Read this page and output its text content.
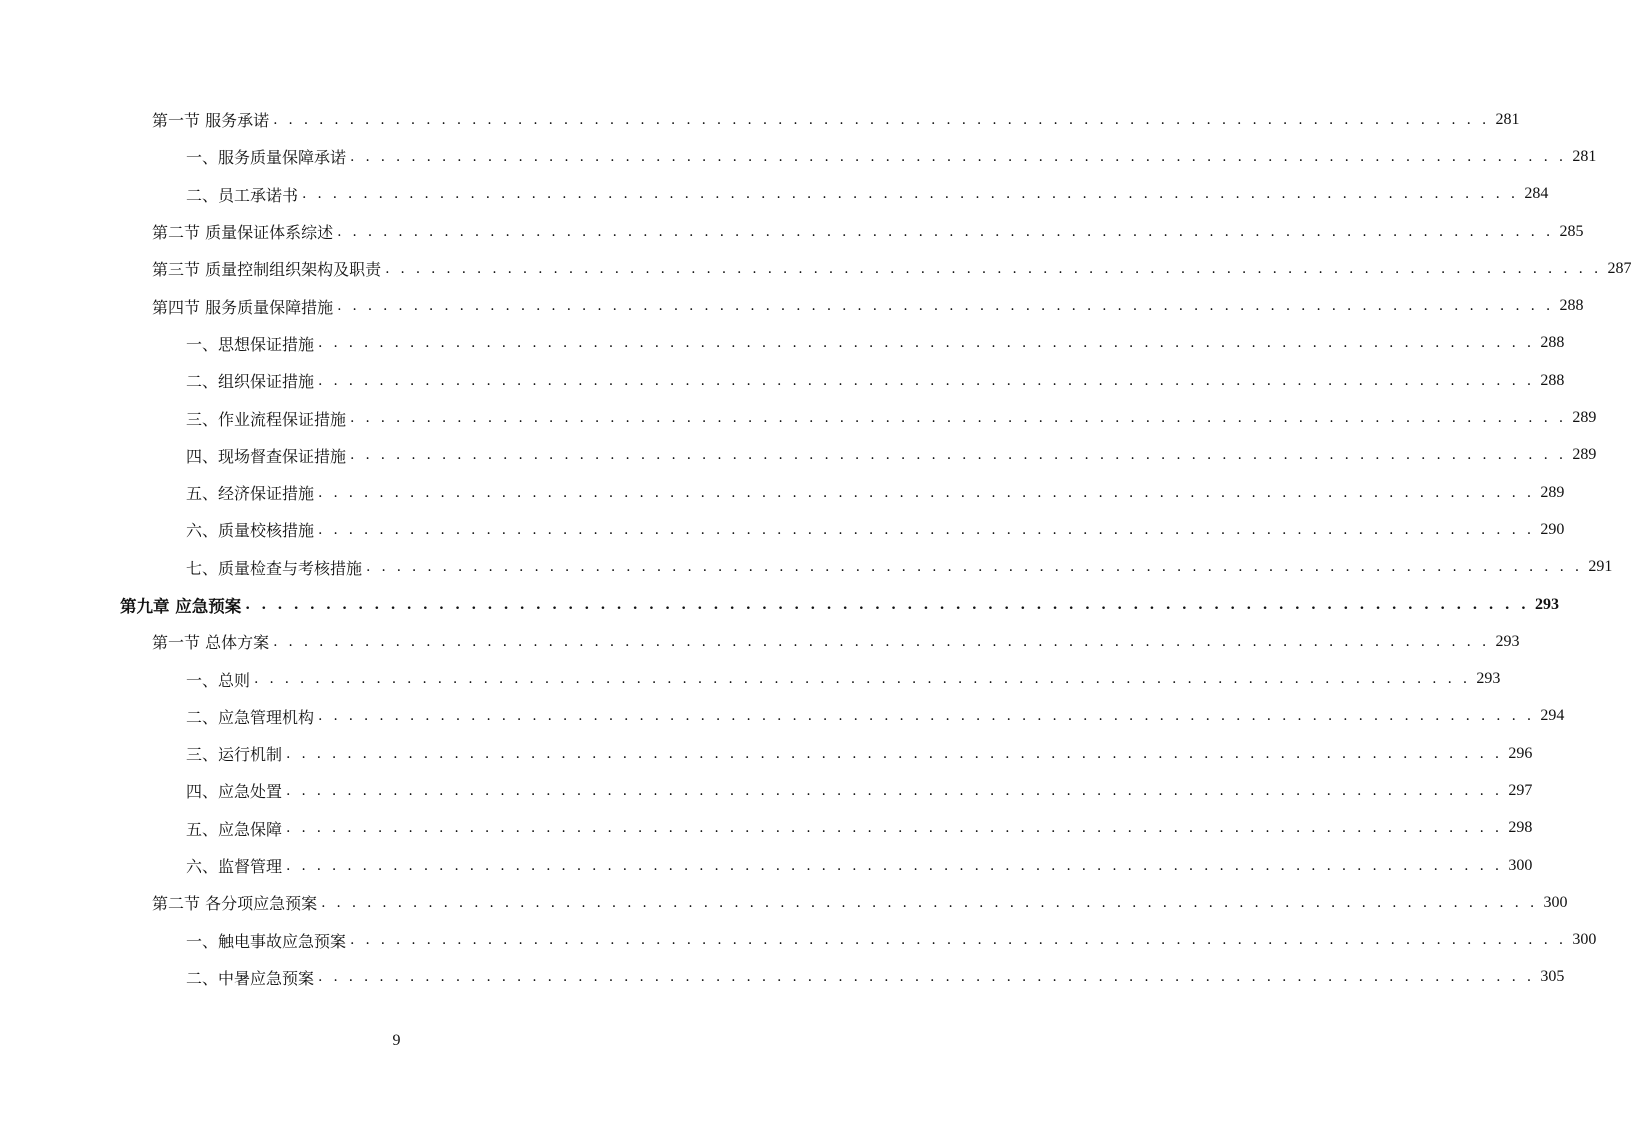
第一节 服务承诺 . . . . . . . . . . . . . . . . . . . . . . . . . . . . . . . . . . . . . . . . . . . . . . . . . . . . . . . . . . . . . . . . . . . . . . . . . . . . . . . . 281
一、服务质量保障承诺 . . . . . . . . . . . . . . . . . . . . . . . . . . . . . . . . . . . . . . . . . . . . . . . . . . . . . . . . . . . . . . . . . . . . . . . . . . . . . . . . 281
二、员工承诺书 . . . . . . . . . . . . . . . . . . . . . . . . . . . . . . . . . . . . . . . . . . . . . . . . . . . . . . . . . . . . . . . . . . . . . . . . . . . . . . . . 284
第二节 质量保证体系综述 . . . . . . . . . . . . . . . . . . . . . . . . . . . . . . . . . . . . . . . . . . . . . . . . . . . . . . . . . . . . . . . . . . . . . . . . . . . . . . . . 285
第三节 质量控制组织架构及职责 . . . . . . . . . . . . . . . . . . . . . . . . . . . . . . . . . . . . . . . . . . . . . . . . . . . . . . . . . . . . . . . . . . . . . . . . . . . . . . . . 287
第四节 服务质量保障措施 . . . . . . . . . . . . . . . . . . . . . . . . . . . . . . . . . . . . . . . . . . . . . . . . . . . . . . . . . . . . . . . . . . . . . . . . . . . . . . . . 288
一、思想保证措施 . . . . . . . . . . . . . . . . . . . . . . . . . . . . . . . . . . . . . . . . . . . . . . . . . . . . . . . . . . . . . . . . . . . . . . . . . . . . . . . . 288
二、组织保证措施 . . . . . . . . . . . . . . . . . . . . . . . . . . . . . . . . . . . . . . . . . . . . . . . . . . . . . . . . . . . . . . . . . . . . . . . . . . . . . . . . 288
三、作业流程保证措施 . . . . . . . . . . . . . . . . . . . . . . . . . . . . . . . . . . . . . . . . . . . . . . . . . . . . . . . . . . . . . . . . . . . . . . . . . . . . . . . . 289
四、现场督查保证措施 . . . . . . . . . . . . . . . . . . . . . . . . . . . . . . . . . . . . . . . . . . . . . . . . . . . . . . . . . . . . . . . . . . . . . . . . . . . . . . . . 289
五、经济保证措施 . . . . . . . . . . . . . . . . . . . . . . . . . . . . . . . . . . . . . . . . . . . . . . . . . . . . . . . . . . . . . . . . . . . . . . . . . . . . . . . . 289
六、质量校核措施 . . . . . . . . . . . . . . . . . . . . . . . . . . . . . . . . . . . . . . . . . . . . . . . . . . . . . . . . . . . . . . . . . . . . . . . . . . . . . . . . 290
七、质量检查与考核措施 . . . . . . . . . . . . . . . . . . . . . . . . . . . . . . . . . . . . . . . . . . . . . . . . . . . . . . . . . . . . . . . . . . . . . . . . . . . . . . . . 291
第九章 应急预案 . . . . . . . . . . . . . . . . . . . . . . . . . . . . . . . . . . . . . . . . . . . . . . . . . . . . . . . . . . . . . . . . . . . . . . . . . . . . . . . . 293
第一节 总体方案 . . . . . . . . . . . . . . . . . . . . . . . . . . . . . . . . . . . . . . . . . . . . . . . . . . . . . . . . . . . . . . . . . . . . . . . . . . . . . . . . 293
一、总则 . . . . . . . . . . . . . . . . . . . . . . . . . . . . . . . . . . . . . . . . . . . . . . . . . . . . . . . . . . . . . . . . . . . . . . . . . . . . . . . . 293
二、应急管理机构 . . . . . . . . . . . . . . . . . . . . . . . . . . . . . . . . . . . . . . . . . . . . . . . . . . . . . . . . . . . . . . . . . . . . . . . . . . . . . . . . 294
三、运行机制 . . . . . . . . . . . . . . . . . . . . . . . . . . . . . . . . . . . . . . . . . . . . . . . . . . . . . . . . . . . . . . . . . . . . . . . . . . . . . . . . 296
四、应急处置 . . . . . . . . . . . . . . . . . . . . . . . . . . . . . . . . . . . . . . . . . . . . . . . . . . . . . . . . . . . . . . . . . . . . . . . . . . . . . . . . 297
五、应急保障 . . . . . . . . . . . . . . . . . . . . . . . . . . . . . . . . . . . . . . . . . . . . . . . . . . . . . . . . . . . . . . . . . . . . . . . . . . . . . . . . 298
六、监督管理 . . . . . . . . . . . . . . . . . . . . . . . . . . . . . . . . . . . . . . . . . . . . . . . . . . . . . . . . . . . . . . . . . . . . . . . . . . . . . . . . 300
第二节 各分项应急预案 . . . . . . . . . . . . . . . . . . . . . . . . . . . . . . . . . . . . . . . . . . . . . . . . . . . . . . . . . . . . . . . . . . . . . . . . . . . . . . . . 300
一、触电事故应急预案 . . . . . . . . . . . . . . . . . . . . . . . . . . . . . . . . . . . . . . . . . . . . . . . . . . . . . . . . . . . . . . . . . . . . . . . . . . . . . . . . 300
二、中暑应急预案 . . . . . . . . . . . . . . . . . . . . . . . . . . . . . . . . . . . . . . . . . . . . . . . . . . . . . . . . . . . . . . . . . . . . . . . . . . . . . . . . 305
9
